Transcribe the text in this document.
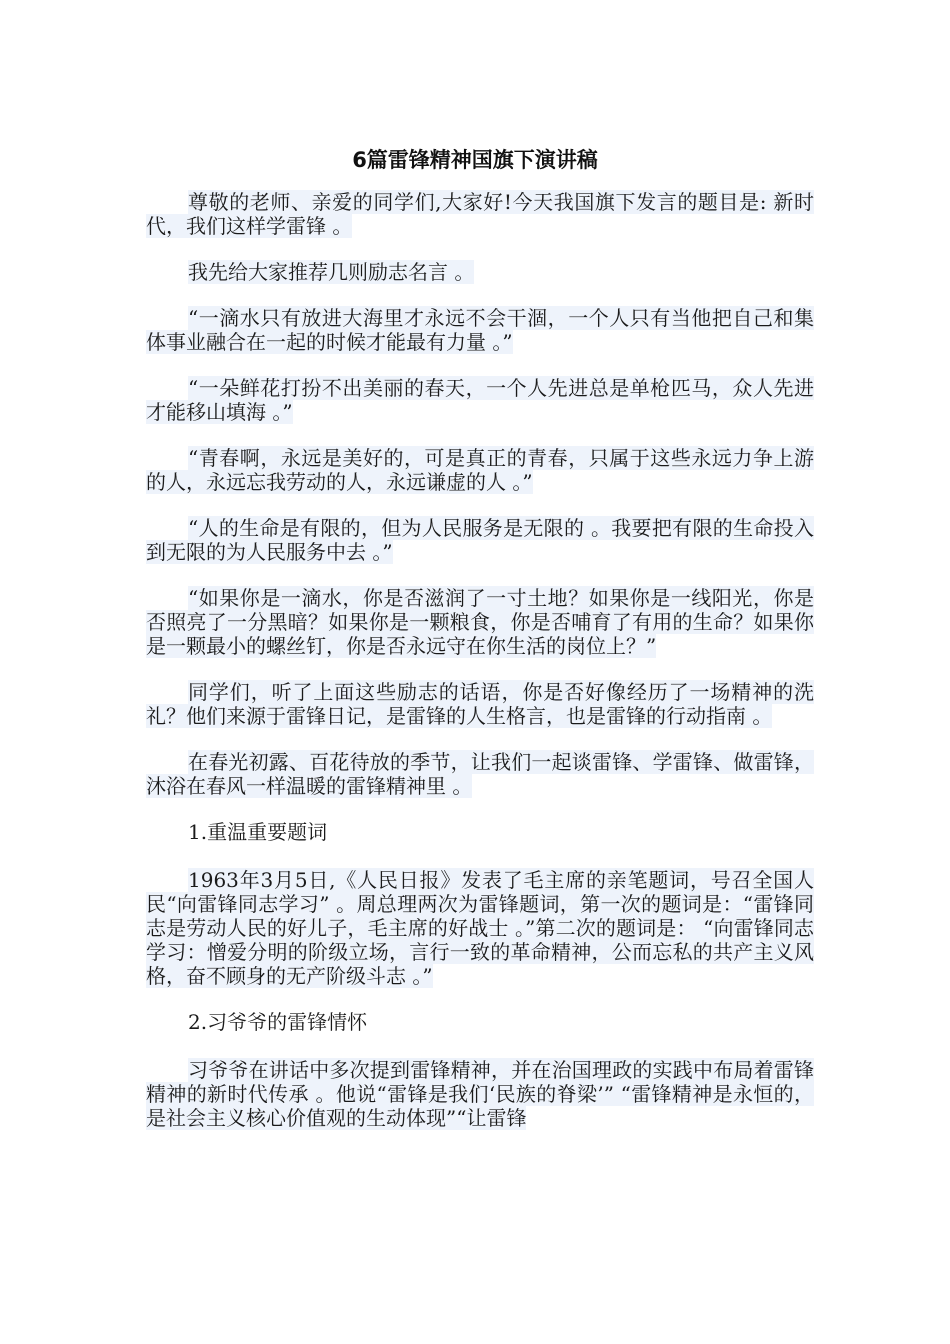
6篇雷锋精神国旗下演讲稿

尊敬的老师、亲爱的同学们,大家好!今天我国旗下发言的题目是: 新时代，我们这样学雷锋 。

我先给大家推荐几则励志名言 。

“一滴水只有放进大海里才永远不会干涸，一个人只有当他把自己和集体事业融合在一起的时候才能最有力量 。”

“一朵鲜花打扮不出美丽的春天，一个人先进总是单枪匹马，众人先进才能移山填海 。”

“青春啊，永远是美好的，可是真正的青春，只属于这些永远力争上游的人，永远忘我劳动的人，永远谦虚的人 。”

“人的生命是有限的，但为人民服务是无限的 。我要把有限的生命投入到无限的为人民服务中去 。”

“如果你是一滴水，你是否滋润了一寸土地？如果你是一线阳光，你是否照亮了一分黑暗？如果你是一颗粮食，你是否哺育了有用的生命？如果你是一颗最小的螺丝钉，你是否永远守在你生活的岗位上？”

同学们，听了上面这些励志的话语，你是否好像经历了一场精神的洗礼？他们来源于雷锋日记，是雷锋的人生格言，也是雷锋的行动指南 。

在春光初露、百花待放的季节，让我们一起谈雷锋、学雷锋、做雷锋，沐浴在春风一样温暖的雷锋精神里 。

1.重温重要题词

1963年3月5日,《人民日报》发表了毛主席的亲笔题词，号召全国人民“向雷锋同志学习” 。周总理两次为雷锋题词，第一次的题词是：“雷锋同志是劳动人民的好儿子，毛主席的好战士 。”第二次的题词是： “向雷锋同志学习：憎爱分明的阶级立场，言行一致的革命精神，公而忘私的共产主义风格，奋不顾身的无产阶级斗志 。”

2.习爷爷的雷锋情怀

习爷爷在讲话中多次提到雷锋精神，并在治国理政的实践中布局着雷锋精神的新时代传承 。他说“雷锋是我们‘民族的脊梁’” “雷锋精神是永恒的，是社会主义核心价值观的生动体现”“让雷锋
